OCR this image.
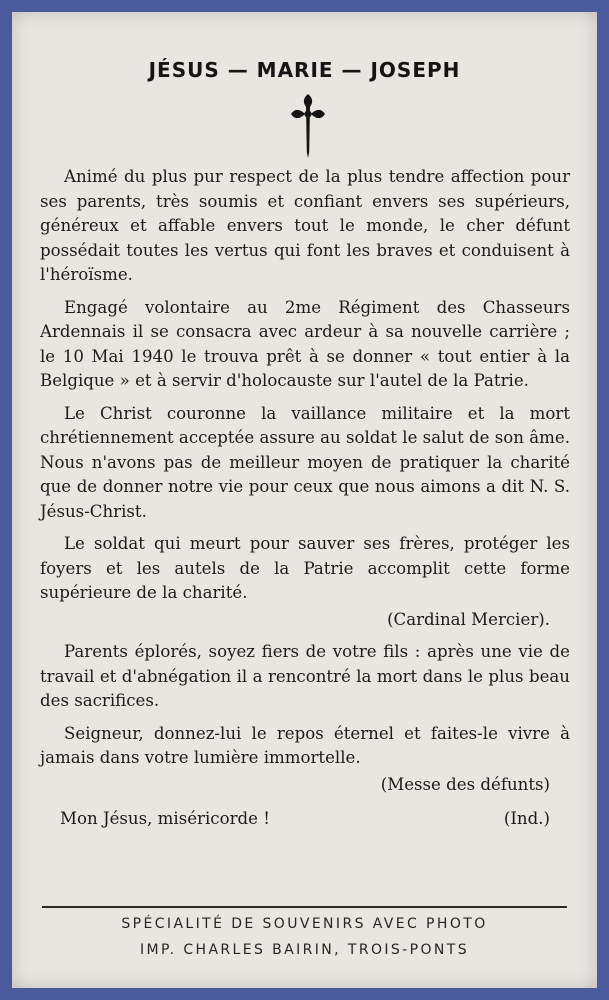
JÉSUS — MARIE — JOSEPH

Animé du plus pur respect de la plus tendre affection pour ses parents, très soumis et confiant envers ses supérieurs, généreux et affable envers tout le monde, le cher défunt possédait toutes les vertus qui font les braves et conduisent à l'héroïsme.

Engagé volontaire au 2me Régiment des Chasseurs Ardennais il se consacra avec ardeur à sa nouvelle carrière ; le 10 Mai 1940 le trouva prêt à se donner « tout entier à la Belgique » et à servir d'holocauste sur l'autel de la Patrie.

Le Christ couronne la vaillance militaire et la mort chrétiennement acceptée assure au soldat le salut de son âme. Nous n'avons pas de meilleur moyen de pratiquer la charité que de donner notre vie pour ceux que nous aimons a dit N. S. Jésus-Christ.

Le soldat qui meurt pour sauver ses frères, protéger les foyers et les autels de la Patrie accomplit cette forme supérieure de la charité.

(Cardinal Mercier).

Parents éplorés, soyez fiers de votre fils : après une vie de travail et d'abnégation il a rencontré la mort dans le plus beau des sacrifices.

Seigneur, donnez-lui le repos éternel et faites-le vivre à jamais dans votre lumière immortelle.

(Messe des défunts)

Mon Jésus, miséricorde !	(Ind.)

SPÉCIALITÉ DE SOUVENIRS AVEC PHOTO
IMP. CHARLES BAIRIN, TROIS-PONTS
